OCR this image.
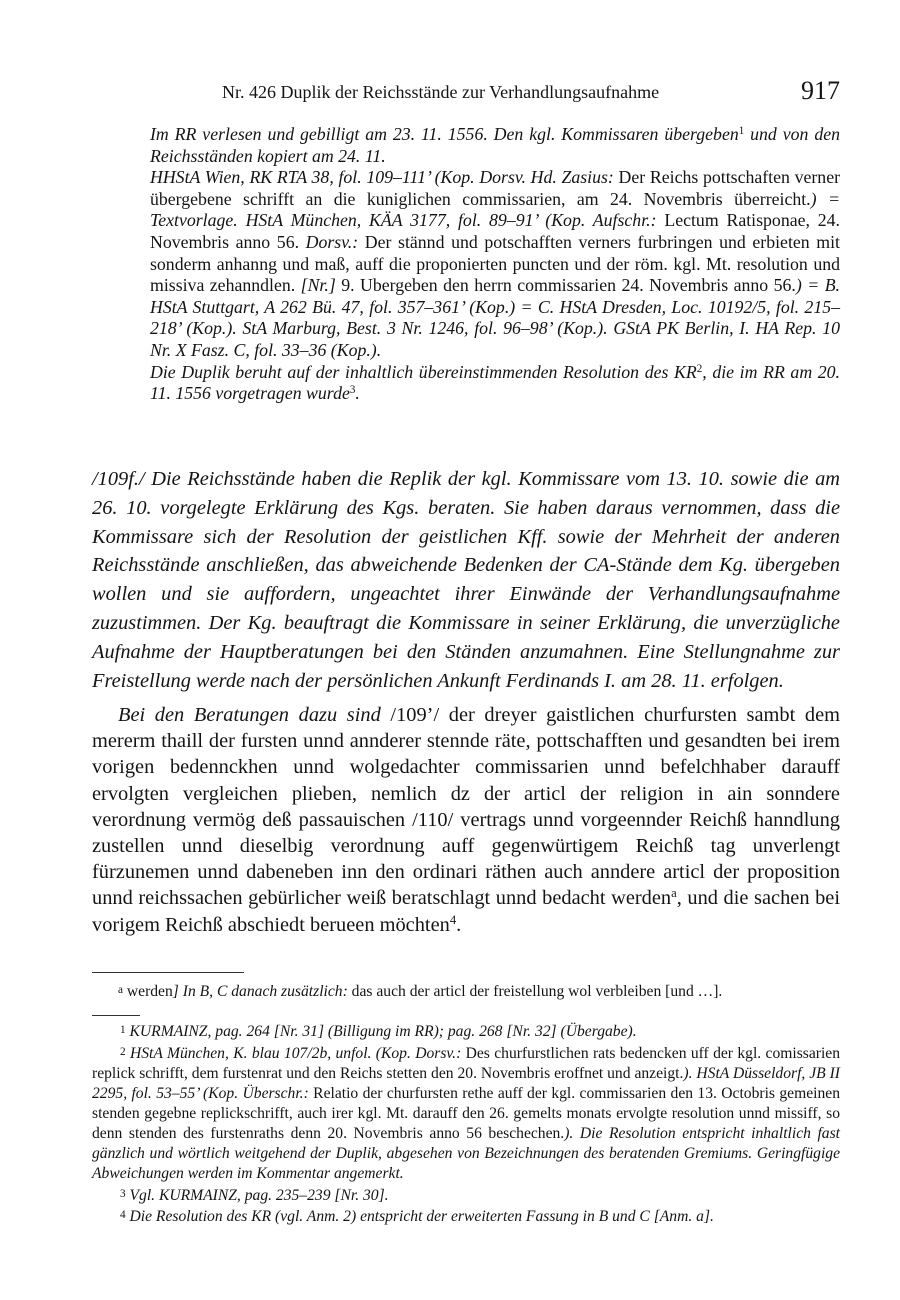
Nr. 426 Duplik der Reichsstände zur Verhandlungsaufnahme	917

Im RR verlesen und gebilligt am 23. 11. 1556. Den kgl. Kommissaren übergeben$^1$ und von den Reichsständen kopiert am 24. 11.

HHStA Wien, RK RTA 38, fol. 109–111’ (Kop. Dorsv. Hd. Zasius: Der Reichs pottschaften verner übergebene schrifft an die kuniglichen commissarien, am 24. Novembris überreicht.) = Textvorlage. HStA München, KÄA 3177, fol. 89–91’ (Kop. Aufschr.: Lectum Ratisponae, 24. Novembris anno 56. Dorsv.: Der stännd und potschafften verners furbringen und erbieten mit sonderm anhanng und maß, auff die proponierten puncten und der röm. kgl. Mt. resolution und missiva zehanndlen. [Nr.] 9. Ubergeben den herrn commissarien 24. Novembris anno 56.) = B. HStA Stuttgart, A 262 Bü. 47, fol. 357–361’ (Kop.) = C. HStA Dresden, Loc. 10192/5, fol. 215–218’ (Kop.). StA Marburg, Best. 3 Nr. 1246, fol. 96–98’ (Kop.). GStA PK Berlin, I. HA Rep. 10 Nr. X Fasz. C, fol. 33–36 (Kop.).

Die Duplik beruht auf der inhaltlich übereinstimmenden Resolution des $KR^2$, die im RR am 20. 11. 1556 vorgetragen wurde$^3$.

/109f./ Die Reichsstände haben die Replik der kgl. Kommissare vom 13. 10. sowie die am 26. 10. vorgelegte Erklärung des Kgs. beraten. Sie haben daraus vernommen, dass die Kommissare sich der Resolution der geistlichen Kff. sowie der Mehrheit der anderen Reichsstände anschließen, das abweichende Bedenken der CA-Stände dem Kg. übergeben wollen und sie auffordern, ungeachtet ihrer Einwände der Verhandlungsaufnahme zuzustimmen. Der Kg. beauftragt die Kommissare in seiner Erklärung, die unverzügliche Aufnahme der Hauptberatungen bei den Ständen anzumahnen. Eine Stellungnahme zur Freistellung werde nach der persönlichen Ankunft Ferdinands I. am 28. 11. erfolgen.

Bei den Beratungen dazu sind /109’/ der dreyer gaistlichen churfursten sambt dem mererm thaill der fursten unnd annderer stennde räte, pottschafften und gesandten bei irem vorigen bedennckhen unnd wolgedachter commissarien unnd befelchhaber darauff ervolgten vergleichen plieben, nemlich dz der articl der religion in ain sonndere verordnung vermög deß passauischen /110/ vertrags unnd vorgeennder Reichß hanndlung zustellen unnd dieselbig verordnung auff gegenwürtigem Reichß tag unverlengt fürzunemen unnd dabeneben inn den ordinari räthen auch anndere articl der proposition unnd reichssachen gebürlicher weiß beratschlagt unnd bedacht werden$^a$, und die sachen bei vorigem Reichß abschiedt berueen möchten$^4$.

a werden] In B, C danach zusätzlich: das auch der articl der freistellung wol verbleiben [und …].

1 KURMAINZ, pag. 264 [Nr. 31] (Billigung im RR); pag. 268 [Nr. 32] (Übergabe).

2 HStA München, K. blau 107/2b, unfol. (Kop. Dorsv.: Des churfurstlichen rats bedencken uff der kgl. comissarien replick schrifft, dem furstenrat und den Reichs stetten den 20. Novembris eroffnet und anzeigt.). HStA Düsseldorf, JB II 2295, fol. 53–55’ (Kop. Überschr.: Relatio der churfursten rethe auff der kgl. commissarien den 13. Octobris gemeinen stenden gegebne replickschrifft, auch irer kgl. Mt. darauff den 26. gemelts monats ervolgte resolution unnd missiff, so denn stenden des furstenraths denn 20. Novembris anno 56 beschechen.). Die Resolution entspricht inhaltlich fast gänzlich und wörtlich weitgehend der Duplik, abgesehen von Bezeichnungen des beratenden Gremiums. Geringfügige Abweichungen werden im Kommentar angemerkt.

3 Vgl. KURMAINZ, pag. 235–239 [Nr. 30].

4 Die Resolution des KR (vgl. Anm. 2) entspricht der erweiterten Fassung in B und C [Anm. a].
